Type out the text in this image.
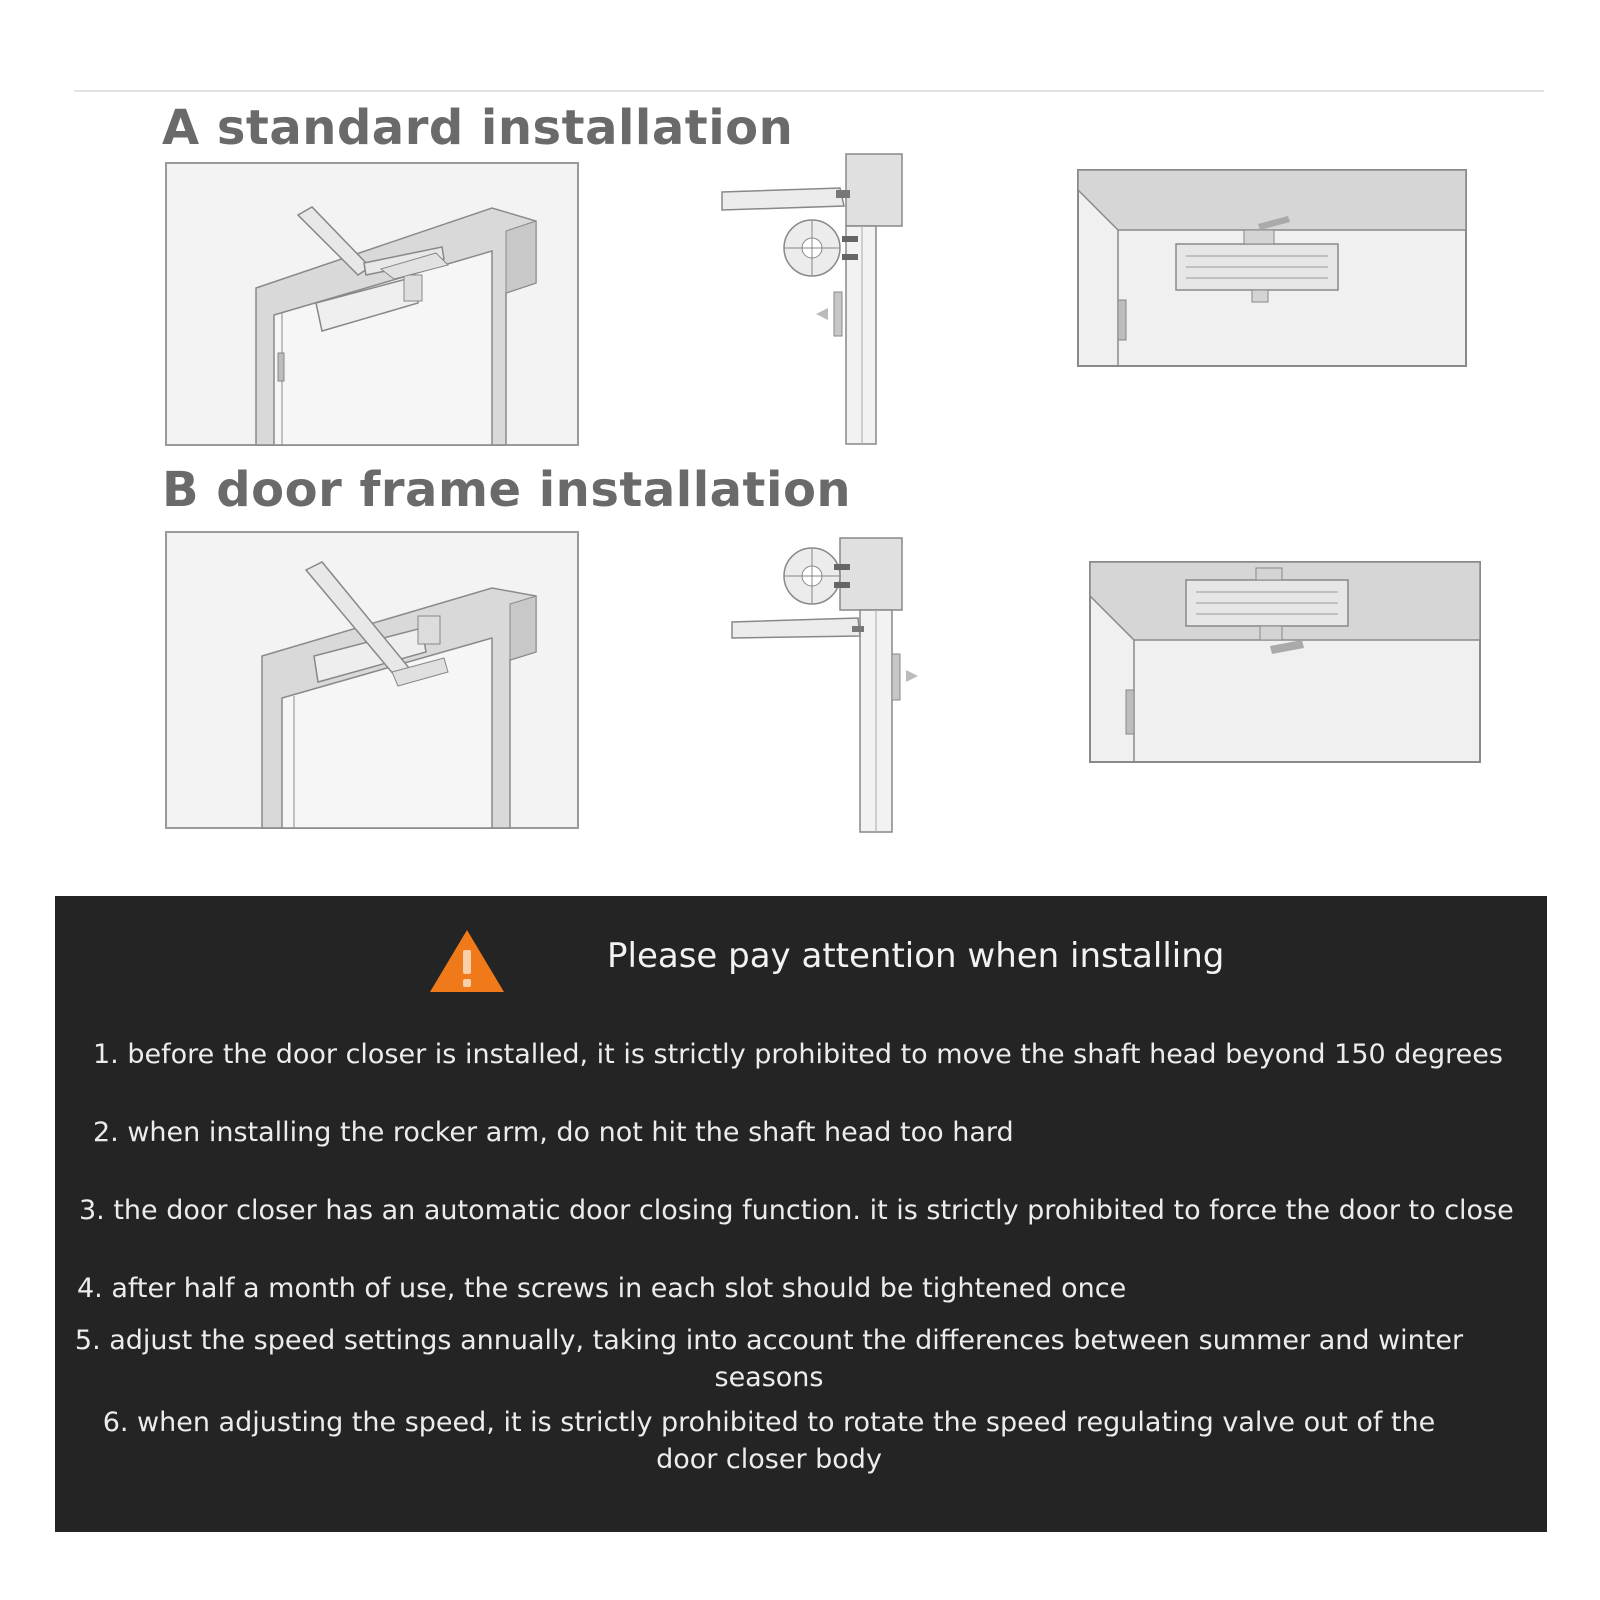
A standard installation
B door frame installation
Please pay attention when installing

1. before the door closer is installed, it is strictly prohibited to move the shaft head beyond 150 degrees

2. when installing the rocker arm, do not hit the shaft head too hard

3. the door closer has an automatic door closing function. it is strictly prohibited to force the door to close

4. after half a month of use, the screws in each slot should be tightened once

5. adjust the speed settings annually, taking into account the differences between summer and winter seasons

6. when adjusting the speed, it is strictly prohibited to rotate the speed regulating valve out of the door closer body
